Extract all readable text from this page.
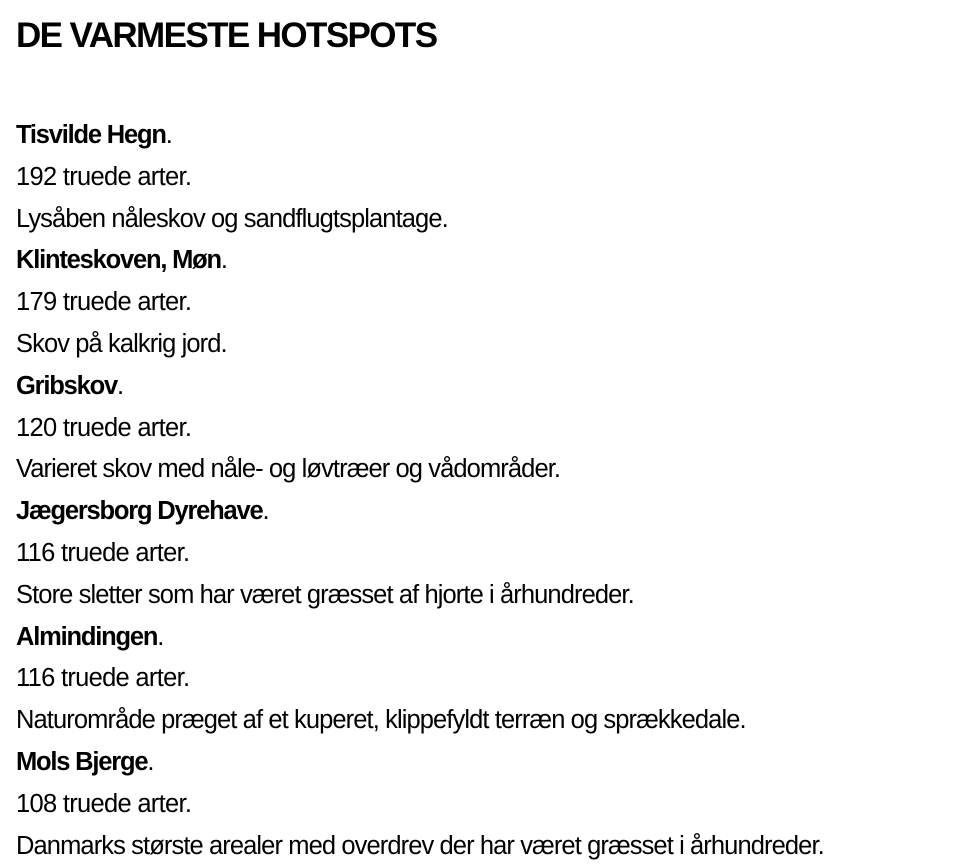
DE VARMESTE HOTSPOTS
Tisvilde Hegn.
192 truede arter.
Lysåben nåleskov og sandflugtsplantage.
Klinteskoven, Møn.
179 truede arter.
Skov på kalkrig jord.
Gribskov.
120 truede arter.
Varieret skov med nåle- og løvtræer og vådområder.
Jægersborg Dyrehave.
116 truede arter.
Store sletter som har været græsset af hjorte i århundreder.
Almindingen.
116 truede arter.
Naturområde præget af et kuperet, klippefyldt terræn og sprækkedale.
Mols Bjerge.
108 truede arter.
Danmarks største arealer med overdrev der har været græsset i århundreder.
